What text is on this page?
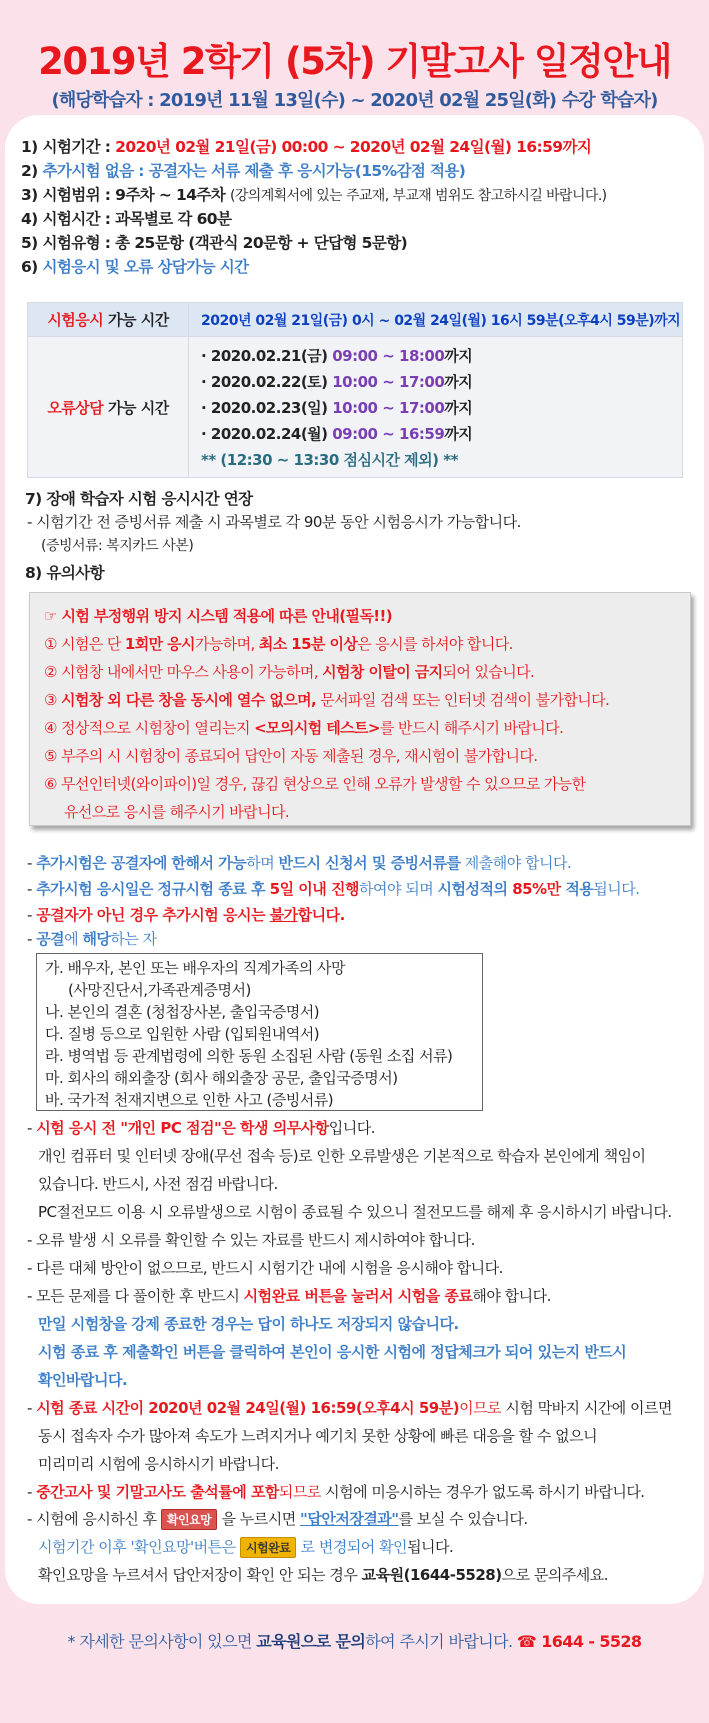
2019년 2학기 (5차) 기말고사 일정안내
(해당학습자 : 2019년 11월 13일(수) ~ 2020년 02월 25일(화) 수강 학습자)
1) 시험기간 : 2020년 02월 21일(금) 00:00 ~ 2020년 02월 24일(월) 16:59까지
2) 추가시험 없음 : 공결자는 서류 제출 후 응시가능(15%감점 적용)
3) 시험범위 : 9주차 ~ 14주차 (강의계획서에 있는 주교재, 부교재 범위도 참고하시길 바랍니다.)
4) 시험시간 : 과목별로 각 60분
5) 시험유형 : 총 25문항 (객관식 20문항 + 단답형 5문항)
6) 시험응시 및 오류 상담가능 시간
시험응시 가능 시간	2020년 02월 21일(금) 0시 ~ 02월 24일(월) 16시 59분(오후4시 59분)까지
오류상담 가능 시간	· 2020.02.21(금) 09:00 ~ 18:00까지
· 2020.02.22(토) 10:00 ~ 17:00까지
· 2020.02.23(일) 10:00 ~ 17:00까지
· 2020.02.24(월) 09:00 ~ 16:59까지
** (12:30 ~ 13:30 점심시간 제외) **
7) 장애 학습자 시험 응시시간 연장
- 시험기간 전 증빙서류 제출 시 과목별로 각 90분 동안 시험응시가 가능합니다.
(증빙서류: 복지카드 사본)
8) 유의사항
☞ 시험 부정행위 방지 시스템 적용에 따른 안내(필독!!)
① 시험은 단 1회만 응시가능하며, 최소 15분 이상은 응시를 하셔야 합니다.
② 시험창 내에서만 마우스 사용이 가능하며, 시험창 이탈이 금지되어 있습니다.
③ 시험창 외 다른 창을 동시에 열수 없으며, 문서파일 검색 또는 인터넷 검색이 불가합니다.
④ 정상적으로 시험창이 열리는지 <모의시험 테스트>를 반드시 해주시기 바랍니다.
⑤ 부주의 시 시험창이 종료되어 답안이 자동 제출된 경우, 재시험이 불가합니다.
⑥ 무선인터넷(와이파이)일 경우, 끊김 현상으로 인해 오류가 발생할 수 있으므로 가능한
유선으로 응시를 해주시기 바랍니다.
- 추가시험은 공결자에 한해서 가능하며 반드시 신청서 및 증빙서류를 제출해야 합니다.
- 추가시험 응시일은 정규시험 종료 후 5일 이내 진행하여야 되며 시험성적의 85%만 적용됩니다.
- 공결자가 아닌 경우 추가시험 응시는 불가합니다.
- 공결에 해당하는 자
가. 배우자, 본인 또는 배우자의 직계가족의 사망
(사망진단서,가족관계증명서)
나. 본인의 결혼 (청첩장사본, 출입국증명서)
다. 질병 등으로 입원한 사람 (입퇴원내역서)
라. 병역법 등 관계법령에 의한 동원 소집된 사람 (동원 소집 서류)
마. 회사의 해외출장 (회사 해외출장 공문, 출입국증명서)
바. 국가적 천재지변으로 인한 사고 (증빙서류)
- 시험 응시 전 "개인 PC 점검"은 학생 의무사항입니다.
개인 컴퓨터 및 인터넷 장애(무선 접속 등)로 인한 오류발생은 기본적으로 학습자 본인에게 책임이
있습니다. 반드시, 사전 점검 바랍니다.
PC절전모드 이용 시 오류발생으로 시험이 종료될 수 있으니 절전모드를 해제 후 응시하시기 바랍니다.
- 오류 발생 시 오류를 확인할 수 있는 자료를 반드시 제시하여야 합니다.
- 다른 대체 방안이 없으므로, 반드시 시험기간 내에 시험을 응시해야 합니다.
- 모든 문제를 다 풀이한 후 반드시 시험완료 버튼을 눌러서 시험을 종료해야 합니다.
만일 시험창을 강제 종료한 경우는 답이 하나도 저장되지 않습니다.
시험 종료 후 제출확인 버튼을 클릭하여 본인이 응시한 시험에 정답체크가 되어 있는지 반드시
확인바랍니다.
- 시험 종료 시간이 2020년 02월 24일(월) 16:59(오후4시 59분)이므로 시험 막바지 시간에 이르면
동시 접속자 수가 많아져 속도가 느려지거나 예기치 못한 상황에 빠른 대응을 할 수 없으니
미리미리 시험에 응시하시기 바랍니다.
- 중간고사 및 기말고사도 출석률에 포함되므로 시험에 미응시하는 경우가 없도록 하시기 바랍니다.
- 시험에 응시하신 후 확인요망 을 누르시면 "답안저장결과"를 보실 수 있습니다.
시험기간 이후 '확인요망'버튼은 시험완료 로 변경되어 확인됩니다.
확인요망을 누르셔서 답안저장이 확인 안 되는 경우 교육원(1644-5528)으로 문의주세요.
* 자세한 문의사항이 있으면 교육원으로 문의하여 주시기 바랍니다. ☎ 1644 - 5528
